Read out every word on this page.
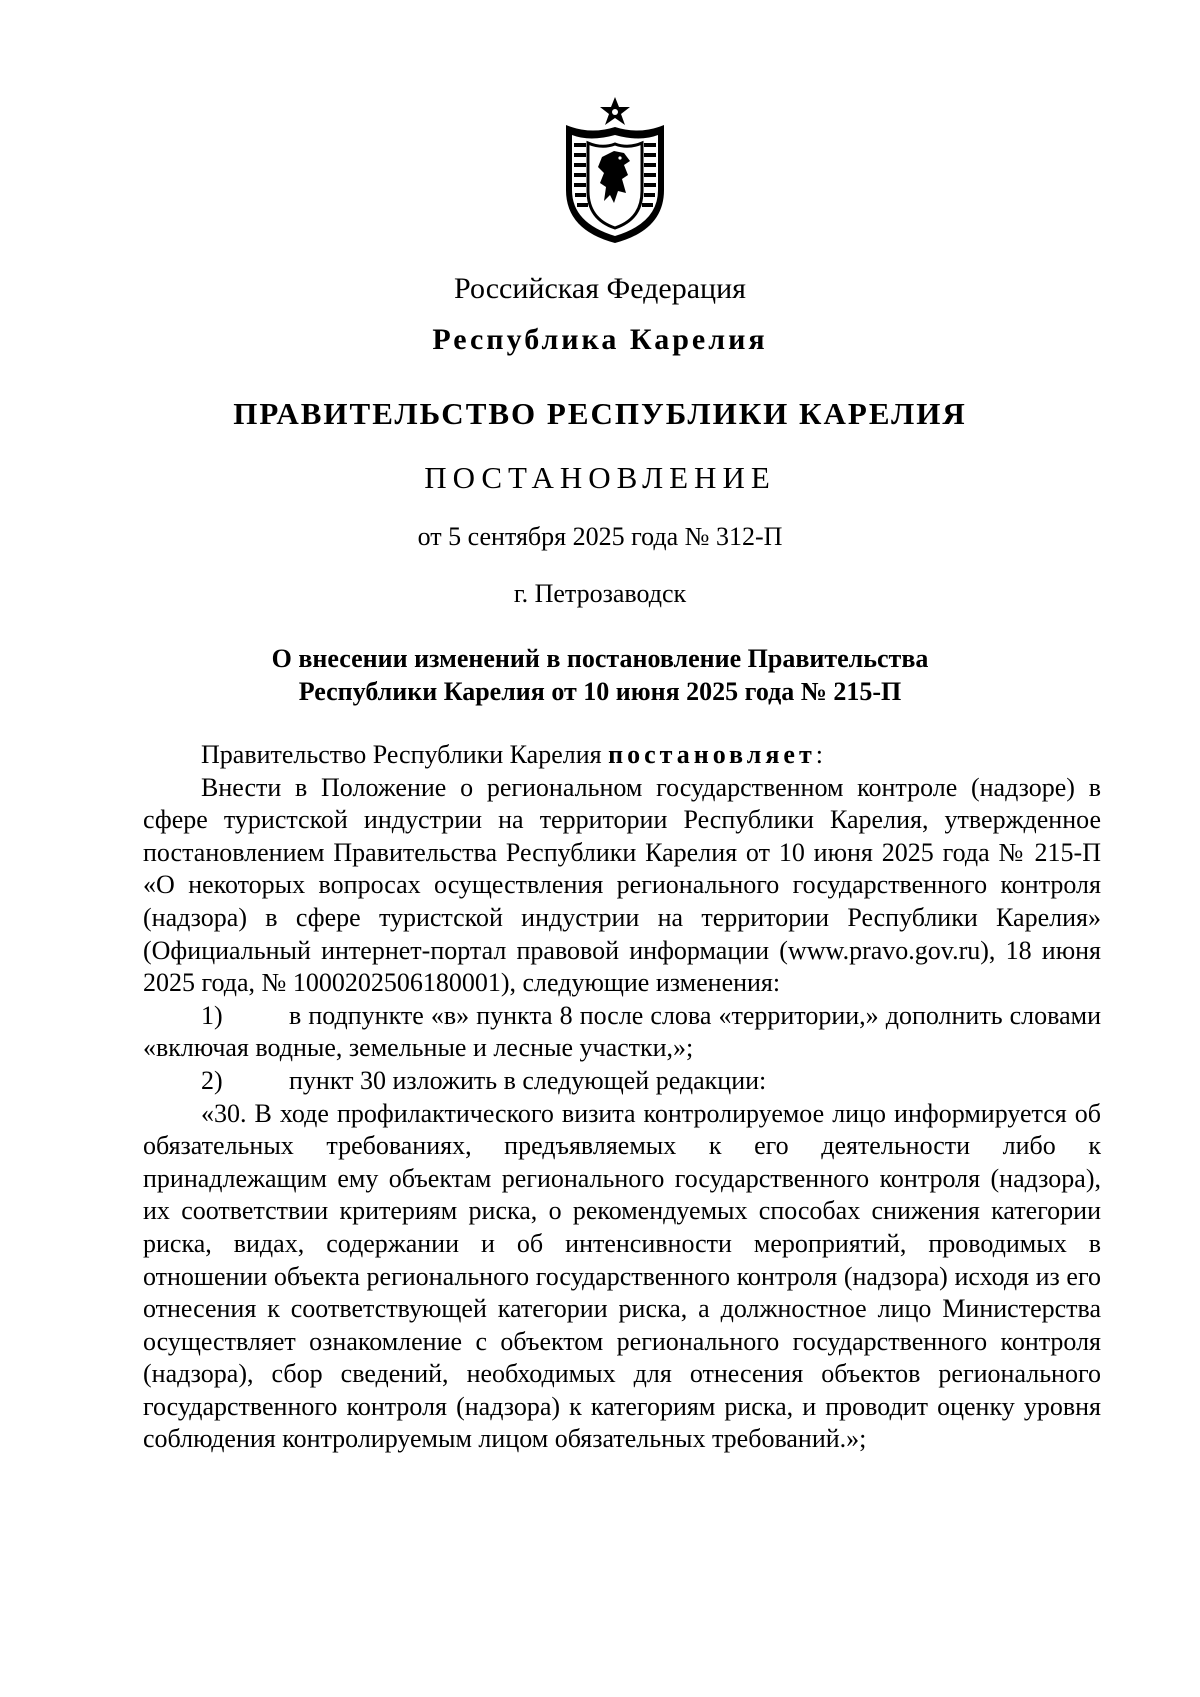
Российская Федерация
Республика Карелия
ПРАВИТЕЛЬСТВО РЕСПУБЛИКИ КАРЕЛИЯ
ПОСТАНОВЛЕНИЕ
от 5 сентября 2025 года № 312-П
г. Петрозаводск
О внесении изменений в постановление Правительства
Республики Карелия от 10 июня 2025 года № 215-П

Правительство Республики Карелия постановляет:

Внести в Положение о региональном государственном контроле (надзоре) в сфере туристской индустрии на территории Республики Карелия, утвержденное постановлением Правительства Республики Карелия от 10 июня 2025 года № 215-П «О некоторых вопросах осуществления регионального государственного контроля (надзора) в сфере туристской индустрии на территории Республики Карелия» (Официальный интернет-портал правовой информации (www.pravo.gov.ru), 18 июня 2025 года, № 1000202506180001), следующие изменения:

1)	в подпункте «в» пункта 8 после слова «территории,» дополнить словами «включая водные, земельные и лесные участки,»;

2)	пункт 30 изложить в следующей редакции:

«30. В ходе профилактического визита контролируемое лицо информируется об обязательных требованиях, предъявляемых к его деятельности либо к принадлежащим ему объектам регионального государственного контроля (надзора), их соответствии критериям риска, о рекомендуемых способах снижения категории риска, видах, содержании и об интенсивности мероприятий, проводимых в отношении объекта регионального государственного контроля (надзора) исходя из его отнесения к соответствующей категории риска, а должностное лицо Министерства осуществляет ознакомление с объектом регионального государственного контроля (надзора), сбор сведений, необходимых для отнесения объектов регионального государственного контроля (надзора) к категориям риска, и проводит оценку уровня соблюдения контролируемым лицом обязательных требований.»;
